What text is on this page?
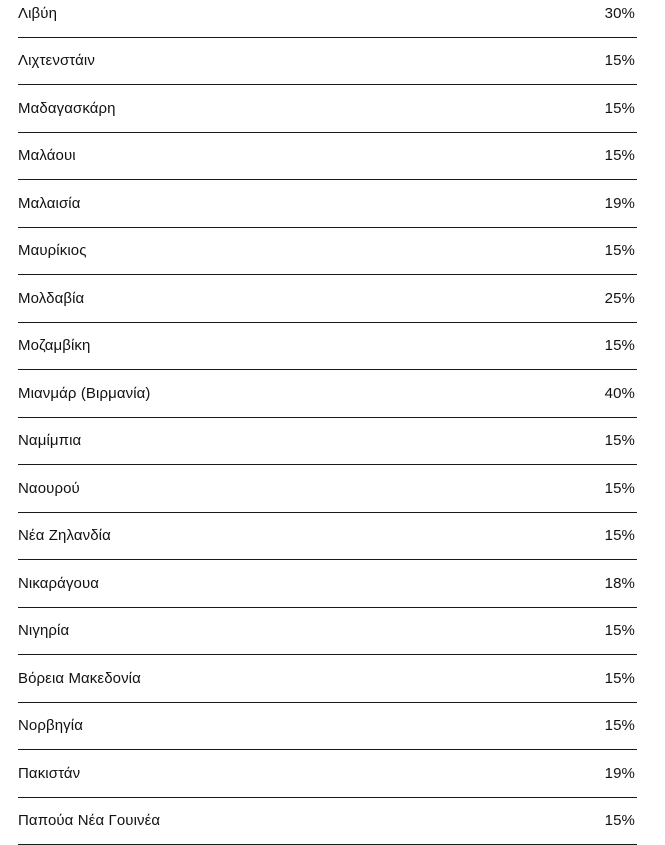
Λιβύη	30%
Λιχτενστάιν	15%
Μαδαγασκάρη	15%
Μαλάουι	15%
Μαλαισία	19%
Μαυρίκιος	15%
Μολδαβία	25%
Μοζαμβίκη	15%
Μιανμάρ (Βιρμανία)	40%
Ναμίμπια	15%
Ναουρού	15%
Νέα Ζηλανδία	15%
Νικαράγουα	18%
Νιγηρία	15%
Βόρεια Μακεδονία	15%
Νορβηγία	15%
Πακιστάν	19%
Παπούα Νέα Γουινέα	15%
